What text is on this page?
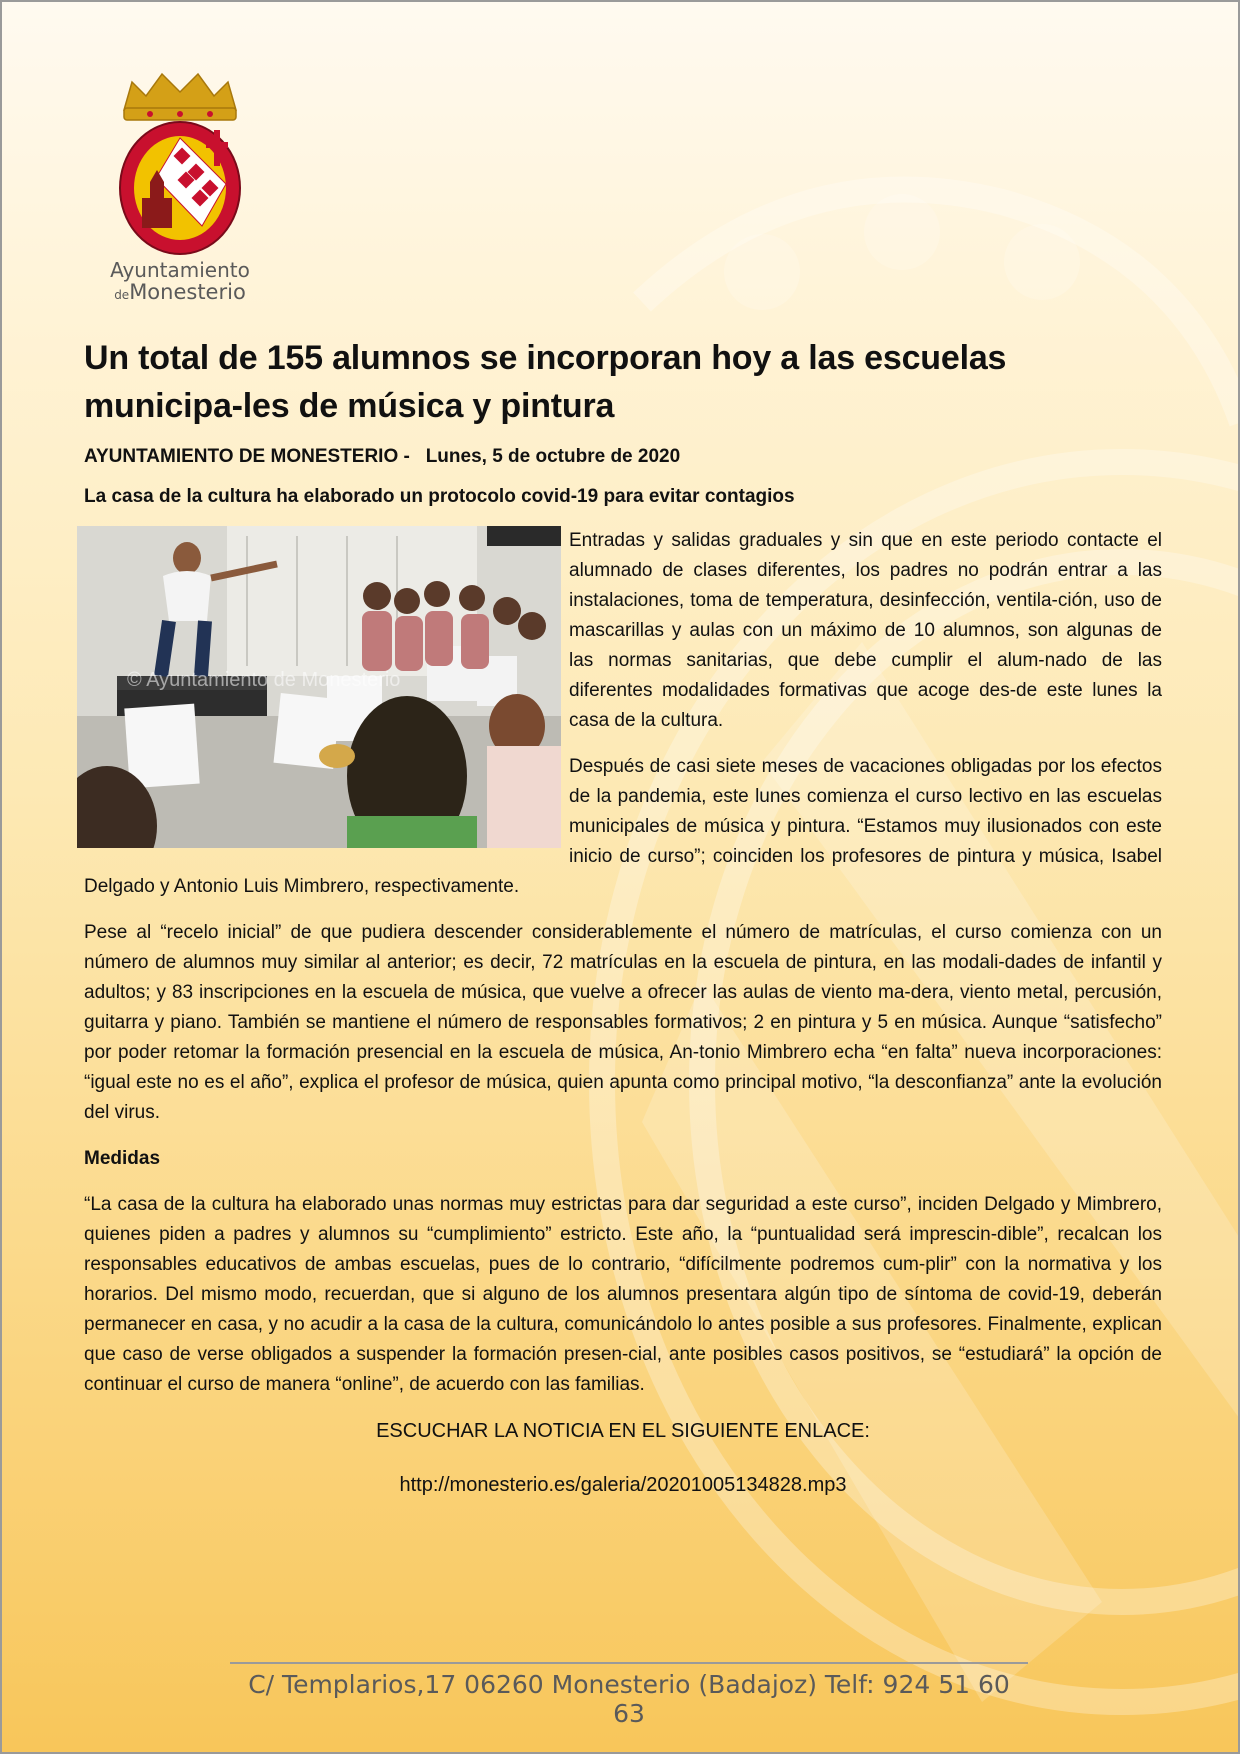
Ayuntamiento
deMonesterio
Un total de 155 alumnos se incorporan hoy a las escuelas municipa-les de música y pintura
AYUNTAMIENTO DE MONESTERIO - Lunes, 5 de octubre de 2020
La casa de la cultura ha elaborado un protocolo covid-19 para evitar contagios
© Ayuntamiento de Monesterio

Entradas y salidas graduales y sin que en este periodo contacte el alumnado de clases diferentes, los padres no podrán entrar a las instalaciones, toma de temperatura, desinfección, ventila-ción, uso de mascarillas y aulas con un máximo de 10 alumnos, son algunas de las normas sanitarias, que debe cumplir el alum-nado de las diferentes modalidades formativas que acoge des-de este lunes la casa de la cultura.

Después de casi siete meses de vacaciones obligadas por los efectos de la pandemia, este lunes comienza el curso lectivo en las escuelas municipales de música y pintura. “Estamos muy ilusionados con este inicio de curso”; coinciden los profesores de pintura y música, Isabel Delgado y Antonio Luis Mimbrero, respectivamente.

Pese al “recelo inicial” de que pudiera descender considerablemente el número de matrículas, el curso comienza con un número de alumnos muy similar al anterior; es decir, 72 matrículas en la escuela de pintura, en las modali-dades de infantil y adultos; y 83 inscripciones en la escuela de música, que vuelve a ofrecer las aulas de viento ma-dera, viento metal, percusión, guitarra y piano. También se mantiene el número de responsables formativos; 2 en pintura y 5 en música. Aunque “satisfecho” por poder retomar la formación presencial en la escuela de música, An-tonio Mimbrero echa “en falta” nueva incorporaciones: “igual este no es el año”, explica el profesor de música, quien apunta como principal motivo, “la desconfianza” ante la evolución del virus.

Medidas

“La casa de la cultura ha elaborado unas normas muy estrictas para dar seguridad a este curso”, inciden Delgado y Mimbrero, quienes piden a padres y alumnos su “cumplimiento” estricto. Este año, la “puntualidad será imprescin-dible”, recalcan los responsables educativos de ambas escuelas, pues de lo contrario, “difícilmente podremos cum-plir” con la normativa y los horarios. Del mismo modo, recuerdan, que si alguno de los alumnos presentara algún tipo de síntoma de covid-19, deberán permanecer en casa, y no acudir a la casa de la cultura, comunicándolo lo antes posible a sus profesores. Finalmente, explican que caso de verse obligados a suspender la formación presen-cial, ante posibles casos positivos, se “estudiará” la opción de continuar el curso de manera “online”, de acuerdo con las familias.

ESCUCHAR LA NOTICIA EN EL SIGUIENTE ENLACE:
http://monesterio.es/galeria/20201005134828.mp3
C/ Templarios,17 06260 Monesterio (Badajoz) Telf: 924 51 60 63
